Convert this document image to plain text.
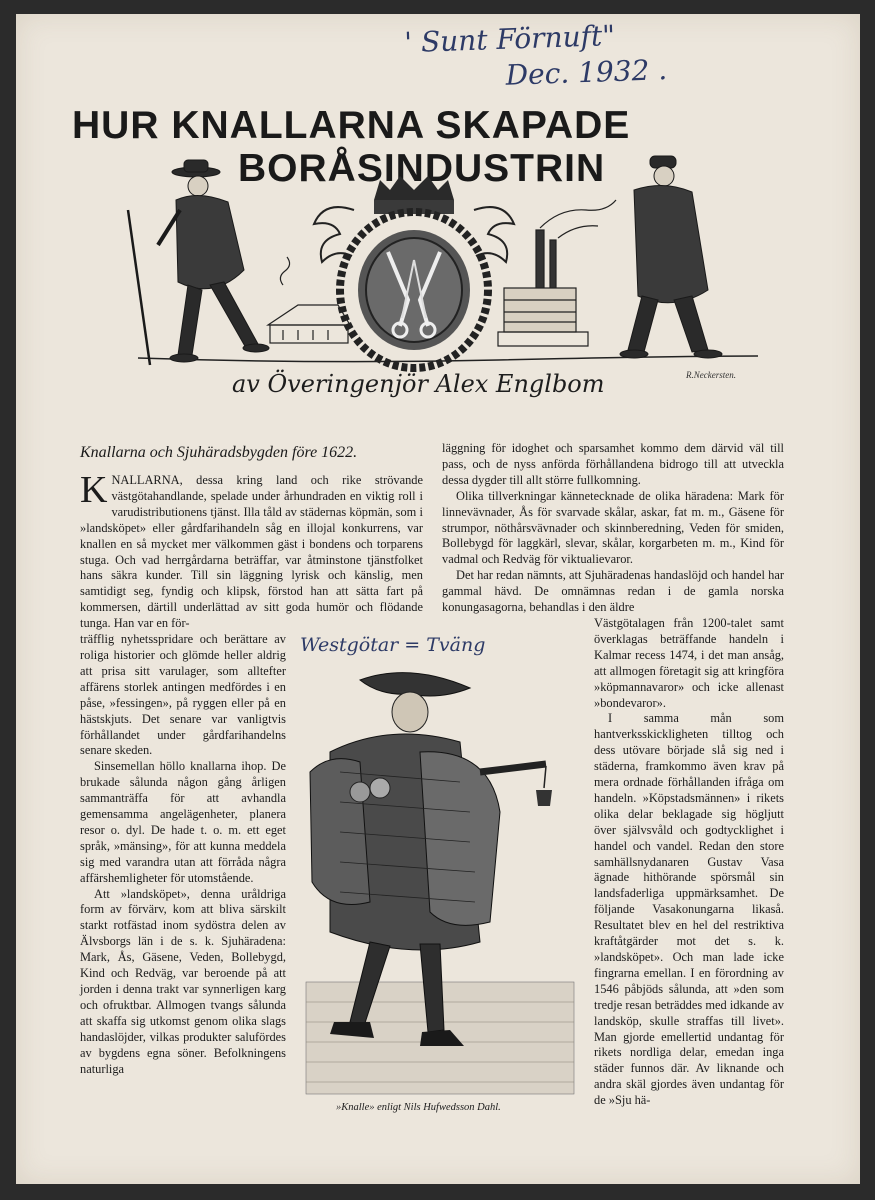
' Sunt Förnuft"
Dec. 1932 .
HUR KNALLARNA SKAPADE
BORÅSINDUSTRIN
av Överingenjör Alex Englbom	R.Neckersten.
Knallarna och Sjuhäradsbygden före 1622.

KNALLARNA, dessa kring land och rike strövande västgötahandlande, spelade under århundraden en viktig roll i varudistributionens tjänst. Illa tåld av städernas köpmän, som i »landsköpet» eller gårdfarihandeln såg en illojal konkurrens, var knallen en så mycket mer välkommen gäst i bondens och torparens stuga. Och vad herrgårdarna beträffar, var åtminstone tjänstfolket hans säkra kunder. Till sin läggning lyrisk och känslig, men samtidigt seg, fyndig och klipsk, förstod han att sätta fart på kommersen, därtill underlättad av sitt goda humör och flödande tunga. Han var en för-

träfflig nyhetsspridare och berättare av roliga historier och glömde heller aldrig att prisa sitt varulager, som alltefter affärens storlek antingen medfördes i en påse, »fessingen», på ryggen eller på en hästskjuts. Det senare var vanligtvis förhållandet under gårdfarihandelns senare skeden.

Sinsemellan höllo knallarna ihop. De brukade sålunda någon gång årligen sammanträffa för att avhandla gemensamma angelägenheter, planera resor o. dyl. De hade t. o. m. ett eget språk, »mänsing», för att kunna meddela sig med varandra utan att förråda några affärshemligheter för utomstående.

Att »landsköpet», denna uråldriga form av förvärv, kom att bliva särskilt starkt rotfästad inom sydöstra delen av Älvsborgs län i de s. k. Sjuhäradena: Mark, Ås, Gäsene, Veden, Bollebygd, Kind och Redväg, var beroende på att jorden i denna trakt var synnerligen karg och ofruktbar. Allmogen tvangs sålunda att skaffa sig utkomst genom olika slags handaslöjder, vilkas produkter salufördes av bygdens egna söner. Befolkningens naturliga

läggning för idoghet och sparsamhet kommo dem därvid väl till pass, och de nyss anförda förhållandena bidrogo till att utveckla dessa dygder till allt större fullkomning.

Olika tillverkningar kännetecknade de olika häradena: Mark för linnevävnader, Ås för svarvade skålar, askar, fat m. m., Gäsene för strumpor, nöthårsvävnader och skinnberedning, Veden för smiden, Bollebygd för laggkärl, slevar, skålar, korgarbeten m. m., Kind för vadmal och Redväg för viktualievaror.

Det har redan nämnts, att Sjuhäradenas handaslöjd och handel har gammal hävd. De omnämnas redan i de gamla norska konungasagorna, behandlas i den äldre

Västgötalagen från 1200-talet samt överklagas beträffande handeln i Kalmar recess 1474, i det man ansåg, att allmogen företagit sig att kringföra »köpmannavaror» och icke allenast »bondevaror».

I samma mån som hantverksskickligheten tilltog och dess utövare började slå sig ned i städerna, framkommo även krav på mera ordnade förhållanden ifråga om handeln. »Köpstadsmännen» i rikets olika delar beklagade sig högljutt över självsvåld och godtycklighet i handel och vandel. Redan den store samhällsnydanaren Gustav Vasa ägnade hithörande spörsmål sin landsfaderliga uppmärksamhet. De följande Vasakonungarna likaså. Resultatet blev en hel del restriktiva kraftåtgärder mot det s. k. »landsköpet». Och man lade icke fingrarna emellan. I en förordning av 1546 påbjöds sålunda, att »den som tredje resan beträddes med idkande av landsköp, skulle straffas till livet». Man gjorde emellertid undantag för rikets nordliga delar, emedan inga städer funnos där. Av liknande och andra skäl gjordes även undantag för de »Sju hä-

Westgötar = Tväng
»Knalle» enligt Nils Hufwedsson Dahl.
